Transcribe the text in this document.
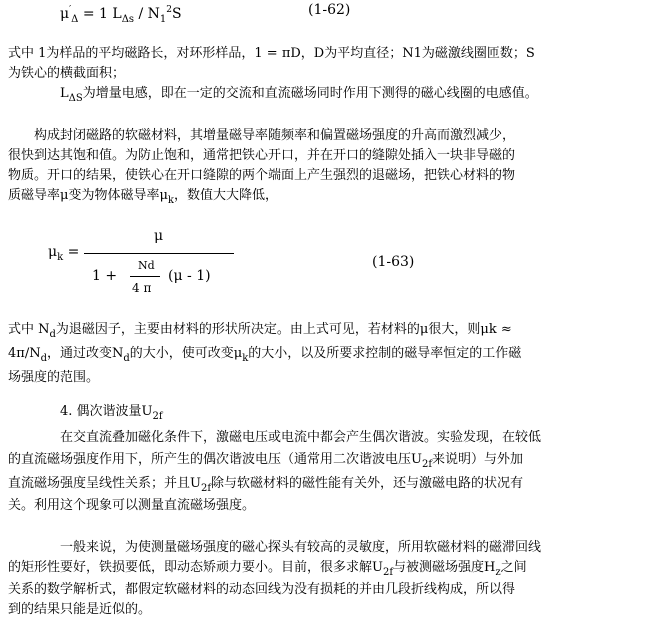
$\mu'_\Delta = 1$ $L_{\Delta s} / N_1^2S$	(1-62)
式中 1为样品的平均磁路长，对环形样品，1 = πD，D为平均直径；N1为磁激线圈匝数；S
为铁心的横截面积；
$L_{\Delta S}$为增量电感，即在一定的交流和直流磁场同时作用下测得的磁心线圈的电感值。
构成封闭磁路的软磁材料，其增量磁导率随频率和偏置磁场强度的升高而激烈减少，
很快到达其饱和值。为防止饱和，通常把铁心开口，并在开口的缝隙处插入一块非导磁的
物质。开口的结果，使铁心在开口缝隙的两个端面上产生强烈的退磁场，把铁心材料的物
质磁导率μ变为物体磁导率$\mu_k$，数值大大降低，
$\mu_k$ =
μ
1 +
Nd
4 π
(μ - 1)
(1-63)
式中 $N_d$为退磁因子，主要由材料的形状所决定。由上式可见，若材料的μ很大，则μk ≈
$4\pi/N_d$，通过改变$N_d$的大小，使可改变$\mu_k$的大小，以及所要求控制的磁导率恒定的工作磁
场强度的范围。
4. 偶次谐波量$U_{2f}$
在交直流叠加磁化条件下，激磁电压或电流中都会产生偶次谐波。实验发现，在较低
的直流磁场强度作用下，所产生的偶次谐波电压（通常用二次谐波电压$U_{2f}$来说明）与外加
直流磁场强度呈线性关系；并且$U_{2f}$除与软磁材料的磁性能有关外，还与激磁电路的状况有
关。利用这个现象可以测量直流磁场强度。
一般来说，为使测量磁场强度的磁心探头有较高的灵敏度，所用软磁材料的磁滞回线
的矩形性要好，铁损要低，即动态矫顽力要小。目前，很多求解$U_{2f}$与被测磁场强度$H_z$之间
关系的数学解析式，都假定软磁材料的动态回线为没有损耗的并由几段折线构成，所以得
到的结果只能是近似的。
